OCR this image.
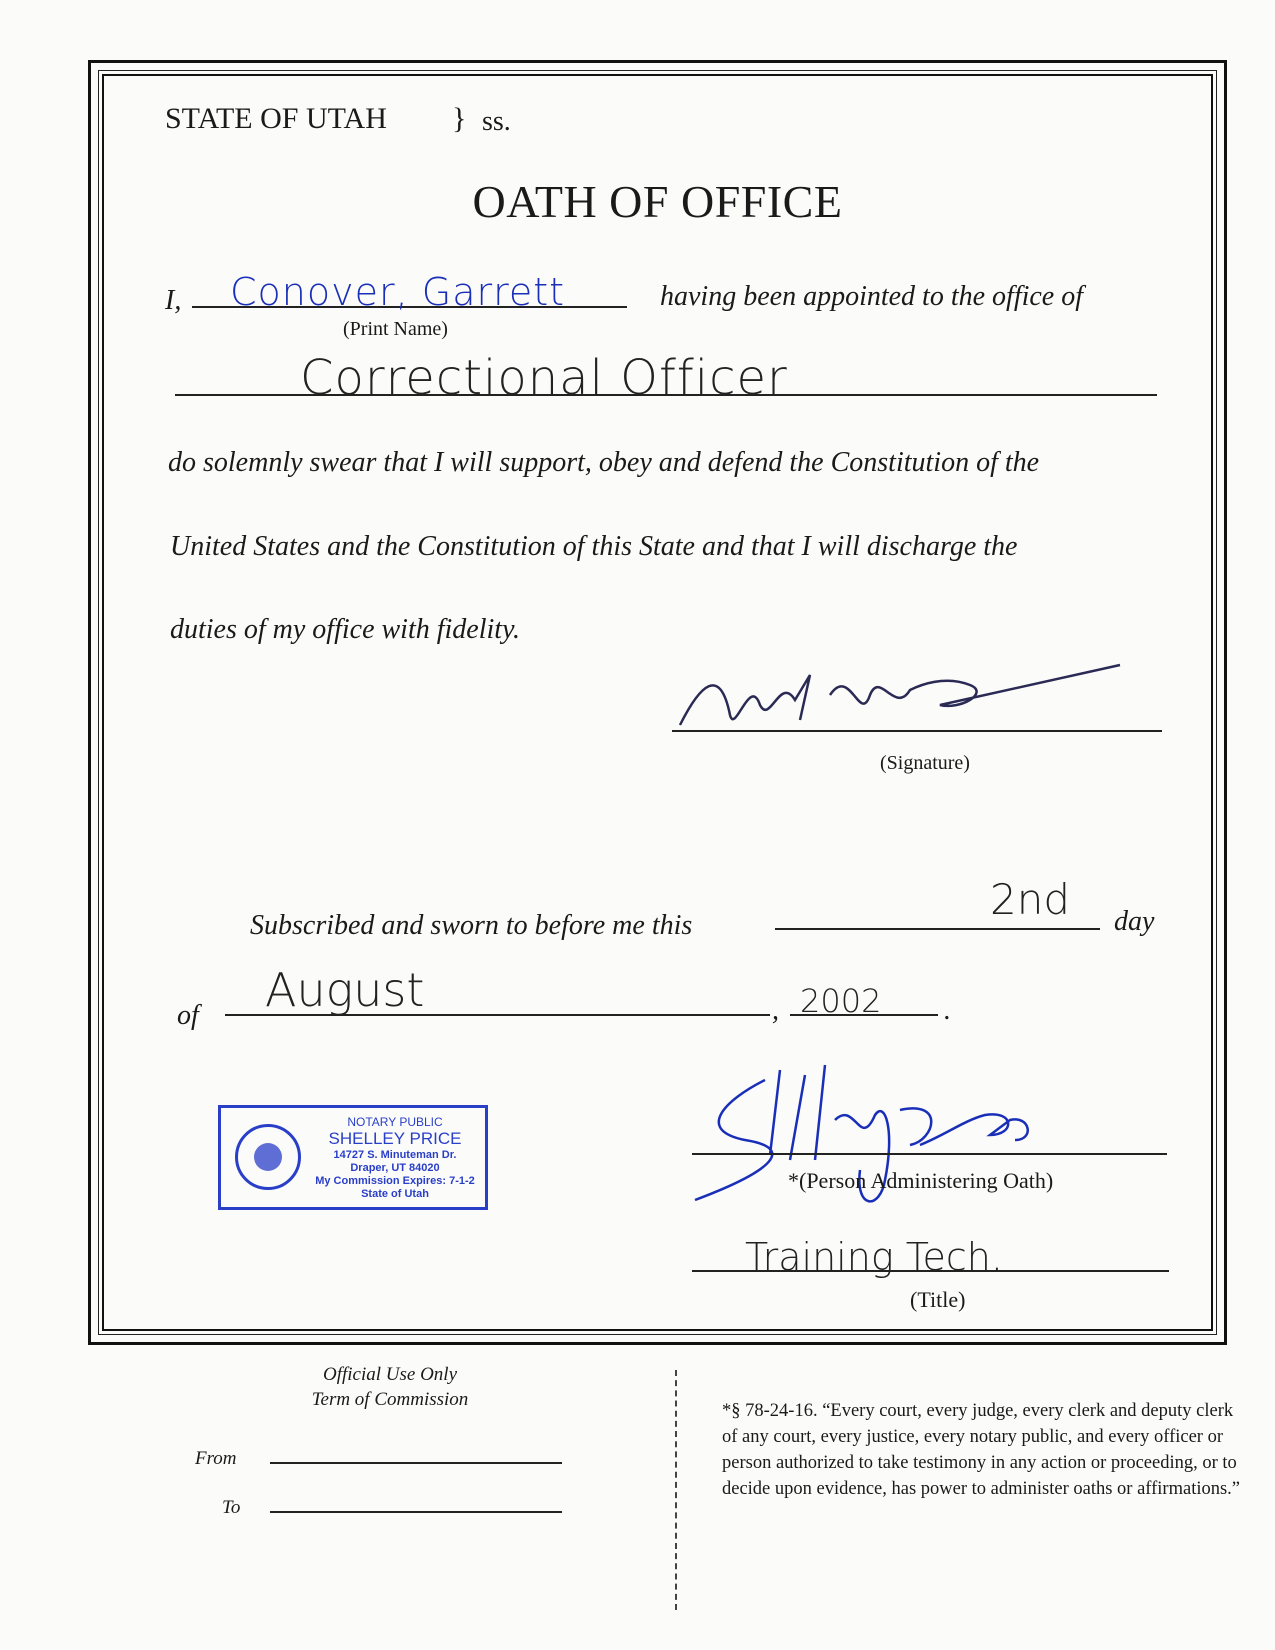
STATE OF UTAH } ss.
OATH OF OFFICE
I, Conover, Garrett	having been appointed to the office of
(Print Name)
Correctional Officer
do solemnly swear that I will support, obey and defend the Constitution of the
United States and the Constitution of this State and that I will discharge the
duties of my office with fidelity.
(Signature)
Subscribed and sworn to before me this
2nd day
of August	, 2002 .
NOTARY PUBLIC
SHELLEY PRICE
14727 S. Minuteman Dr.
Draper, UT 84020
My Commission Expires: 7-1-2
State of Utah
*(Person Administering Oath)
Training Tech.
(Title)
Official Use Only
Term of Commission
From
To
*§ 78-24-16. “Every court, every judge, every clerk and deputy clerk of any court, every justice, every notary public, and every officer or person authorized to take testimony in any action or proceeding, or to decide upon evidence, has power to administer oaths or affirmations.”
